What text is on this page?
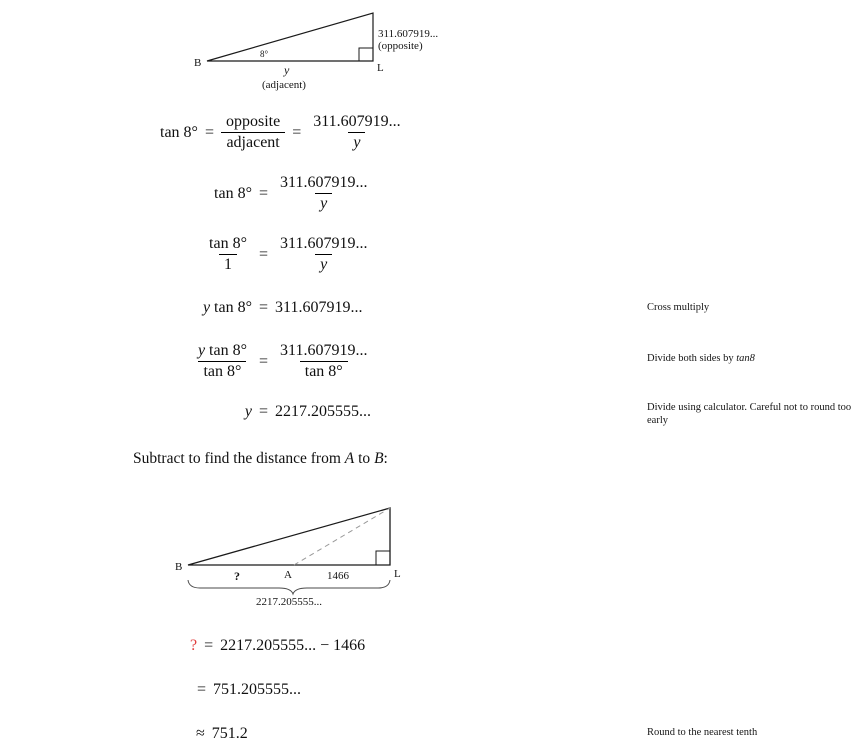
B
8°
L
311.607919...
(opposite)
y
(adjacent)
$\tan 8^\circ = \frac{\text{opposite}}{\text{adjacent}} = \frac{311.607919...}{y}$
$\tan 8^\circ = \frac{311.607919...}{y}$
$\frac{\tan 8^\circ}{1} = \frac{311.607919...}{y}$
y tan 8° = 311.607919...
$\frac{\text{y tan 8°}}{\tan 8^\circ} = \frac{311.607919...}{\tan 8^\circ}$
y = 2217.205555...
Cross multiply
Divide both sides by tan8
Divide using calculator. Careful not to round too early
Round to the nearest tenth
Subtract to find the distance from A to B:
B
?	A	1466	L
2217.205555...
? = 2217.205555... − 1466
= 751.205555...
≈ 751.2
